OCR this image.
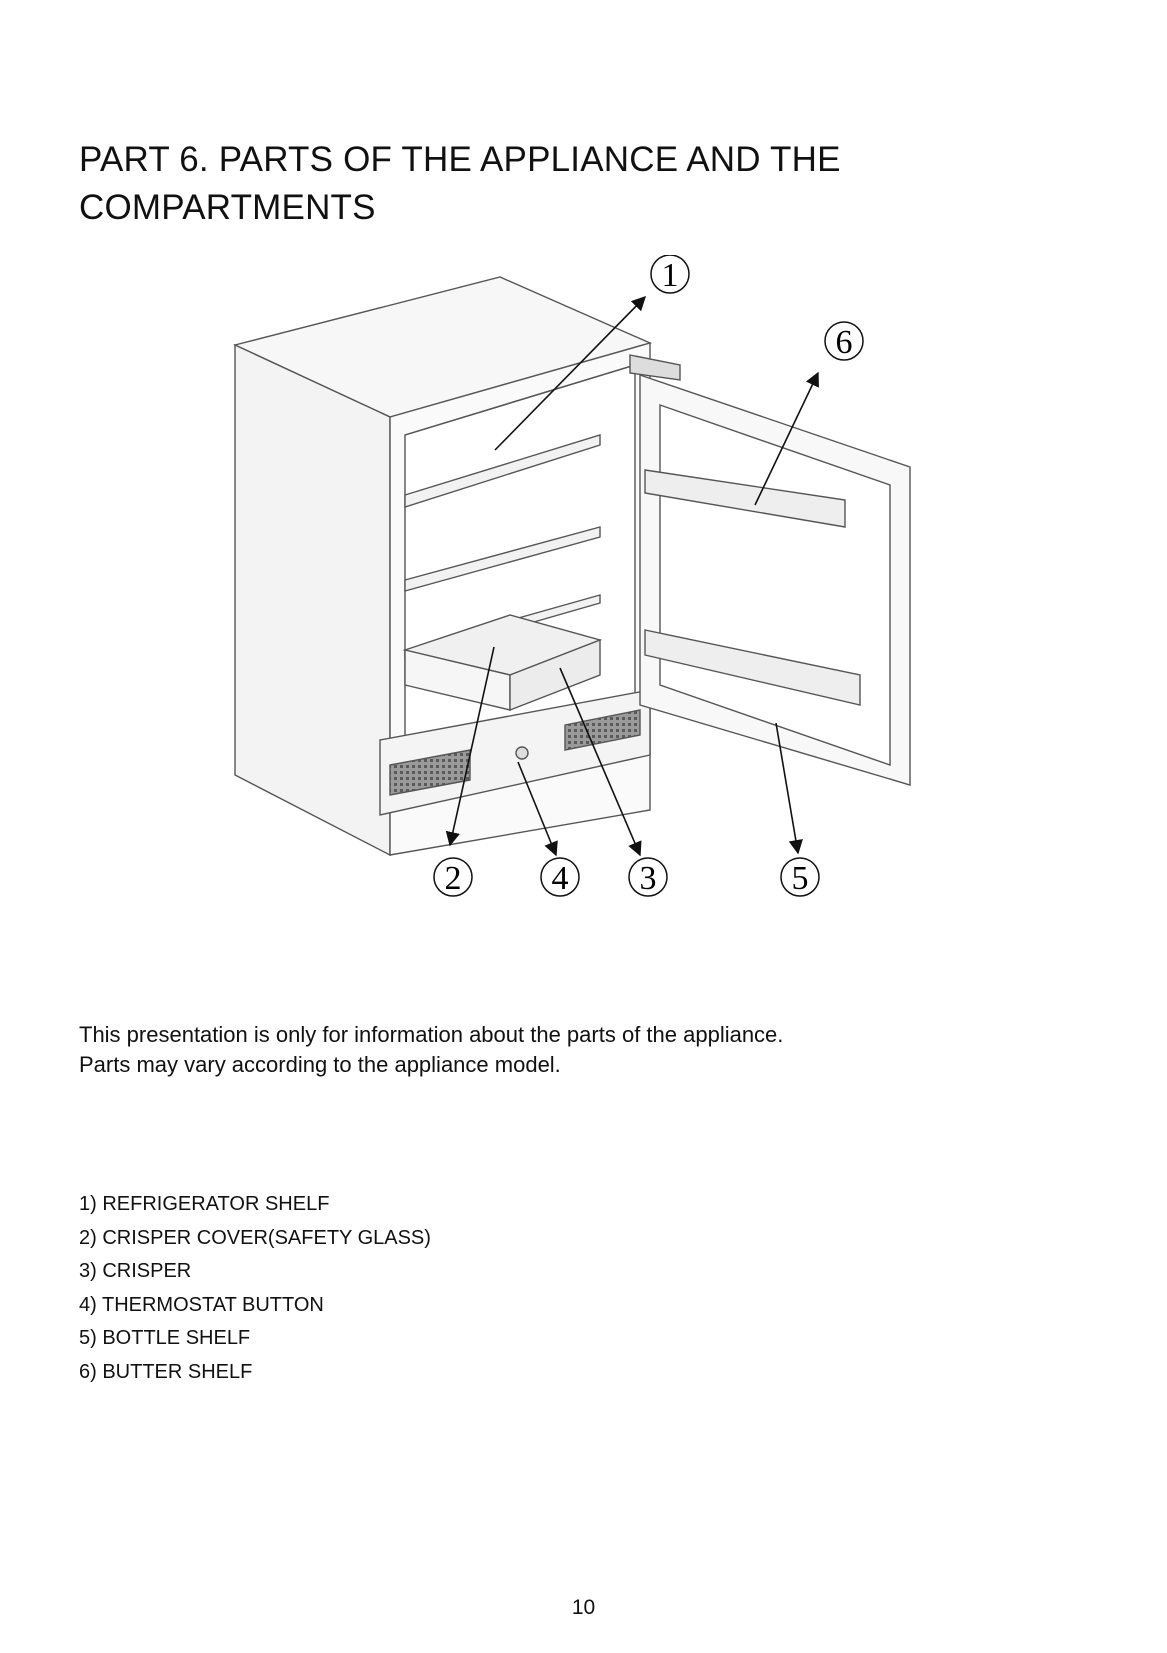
PART 6. PARTS OF THE APPLIANCE AND THE
COMPARTMENTS
1
6
2	4 3	5

This presentation is only for information about the parts of the appliance.
Parts may vary according to the appliance model.

1) REFRIGERATOR SHELF
2) CRISPER COVER(SAFETY GLASS)
3) CRISPER
4) THERMOSTAT BUTTON
5) BOTTLE SHELF
6) BUTTER SHELF
10
